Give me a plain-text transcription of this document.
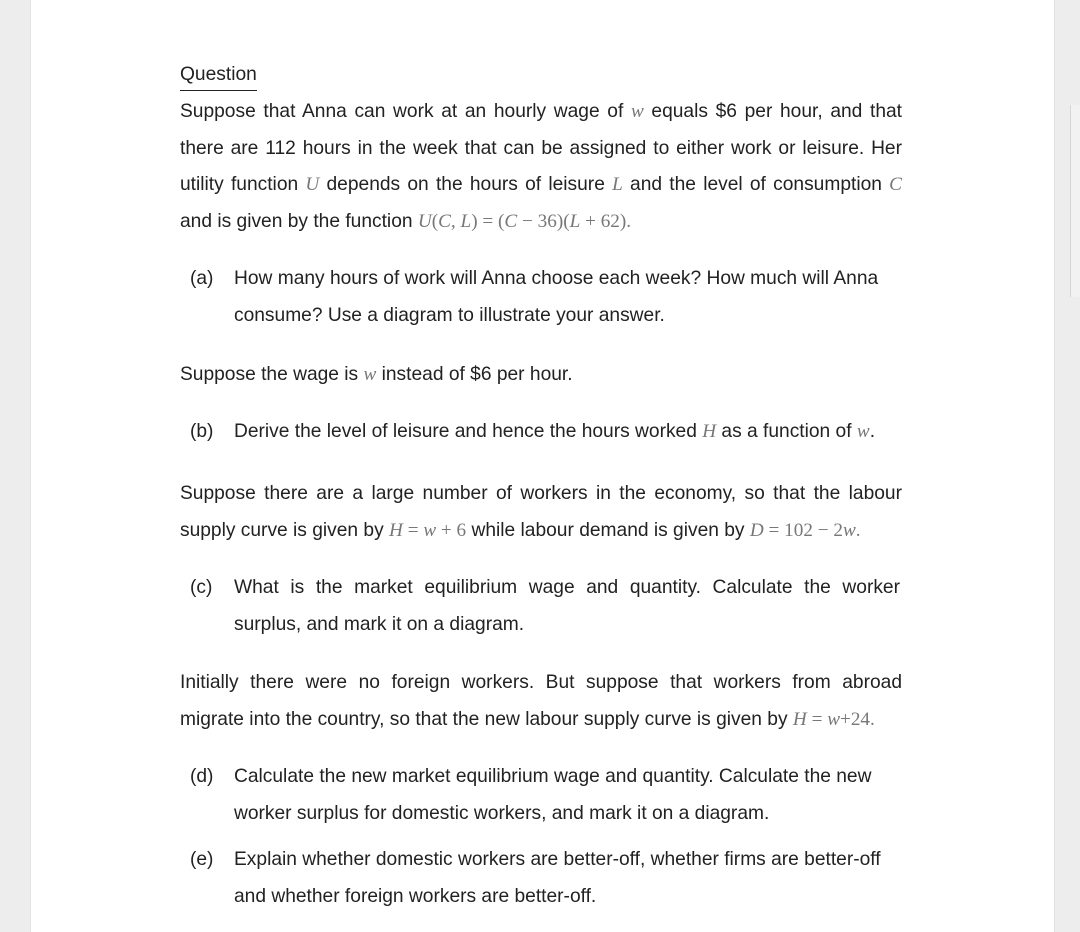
Question
Suppose that Anna can work at an hourly wage of w equals $6 per hour, and that there are 112 hours in the week that can be assigned to either work or leisure. Her utility function U depends on the hours of leisure L and the level of consumption C and is given by the function U(C, L) = (C − 36)(L + 62).
(a) How many hours of work will Anna choose each week? How much will Anna consume? Use a diagram to illustrate your answer.
Suppose the wage is w instead of $6 per hour.
(b) Derive the level of leisure and hence the hours worked H as a function of w.
Suppose there are a large number of workers in the economy, so that the labour supply curve is given by H = w + 6 while labour demand is given by D = 102 − 2w.
(c) What is the market equilibrium wage and quantity. Calculate the worker surplus, and mark it on a diagram.
Initially there were no foreign workers. But suppose that workers from abroad migrate into the country, so that the new labour supply curve is given by H = w+24.
(d) Calculate the new market equilibrium wage and quantity. Calculate the new worker surplus for domestic workers, and mark it on a diagram.
(e) Explain whether domestic workers are better-off, whether firms are better-off and whether foreign workers are better-off.
